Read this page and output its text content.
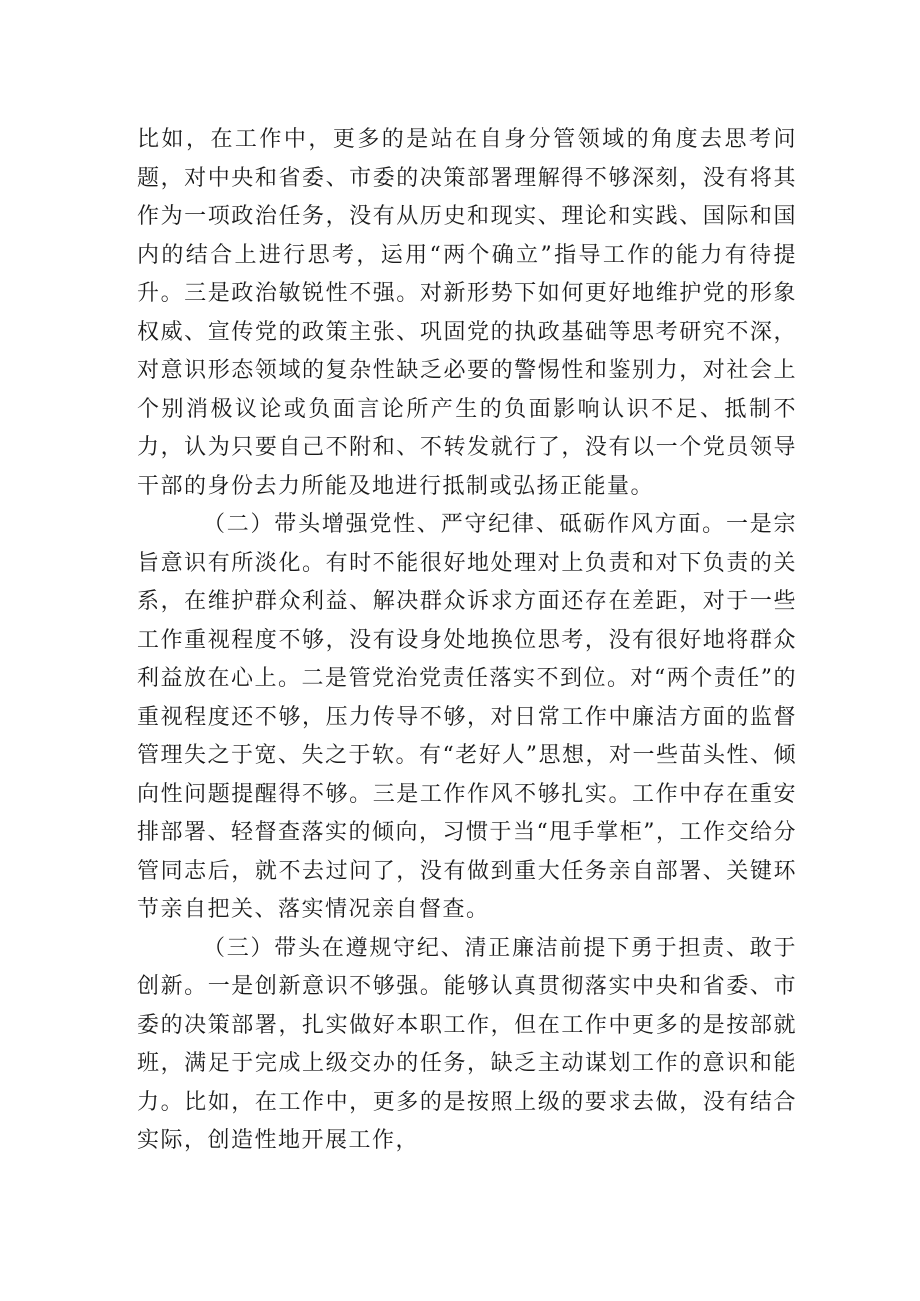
比如，在工作中，更多的是站在自身分管领域的角度去思考问题，对中央和省委、市委的决策部署理解得不够深刻，没有将其作为一项政治任务，没有从历史和现实、理论和实践、国际和国内的结合上进行思考，运用“两个确立”指导工作的能力有待提升。三是政治敏锐性不强。对新形势下如何更好地维护党的形象权威、宣传党的政策主张、巩固党的执政基础等思考研究不深，对意识形态领域的复杂性缺乏必要的警惕性和鉴别力，对社会上个别消极议论或负面言论所产生的负面影响认识不足、抵制不力，认为只要自己不附和、不转发就行了，没有以一个党员领导干部的身份去力所能及地进行抵制或弘扬正能量。

（二）带头增强党性、严守纪律、砥砺作风方面。一是宗旨意识有所淡化。有时不能很好地处理对上负责和对下负责的关系，在维护群众利益、解决群众诉求方面还存在差距，对于一些工作重视程度不够，没有设身处地换位思考，没有很好地将群众利益放在心上。二是管党治党责任落实不到位。对“两个责任”的重视程度还不够，压力传导不够，对日常工作中廉洁方面的监督管理失之于宽、失之于软。有“老好人”思想，对一些苗头性、倾向性问题提醒得不够。三是工作作风不够扎实。工作中存在重安排部署、轻督查落实的倾向，习惯于当“甩手掌柜”，工作交给分管同志后，就不去过问了，没有做到重大任务亲自部署、关键环节亲自把关、落实情况亲自督查。

（三）带头在遵规守纪、清正廉洁前提下勇于担责、敢于创新。一是创新意识不够强。能够认真贯彻落实中央和省委、市委的决策部署，扎实做好本职工作，但在工作中更多的是按部就班，满足于完成上级交办的任务，缺乏主动谋划工作的意识和能力。比如，在工作中，更多的是按照上级的要求去做，没有结合实际，创造性地开展工作，
